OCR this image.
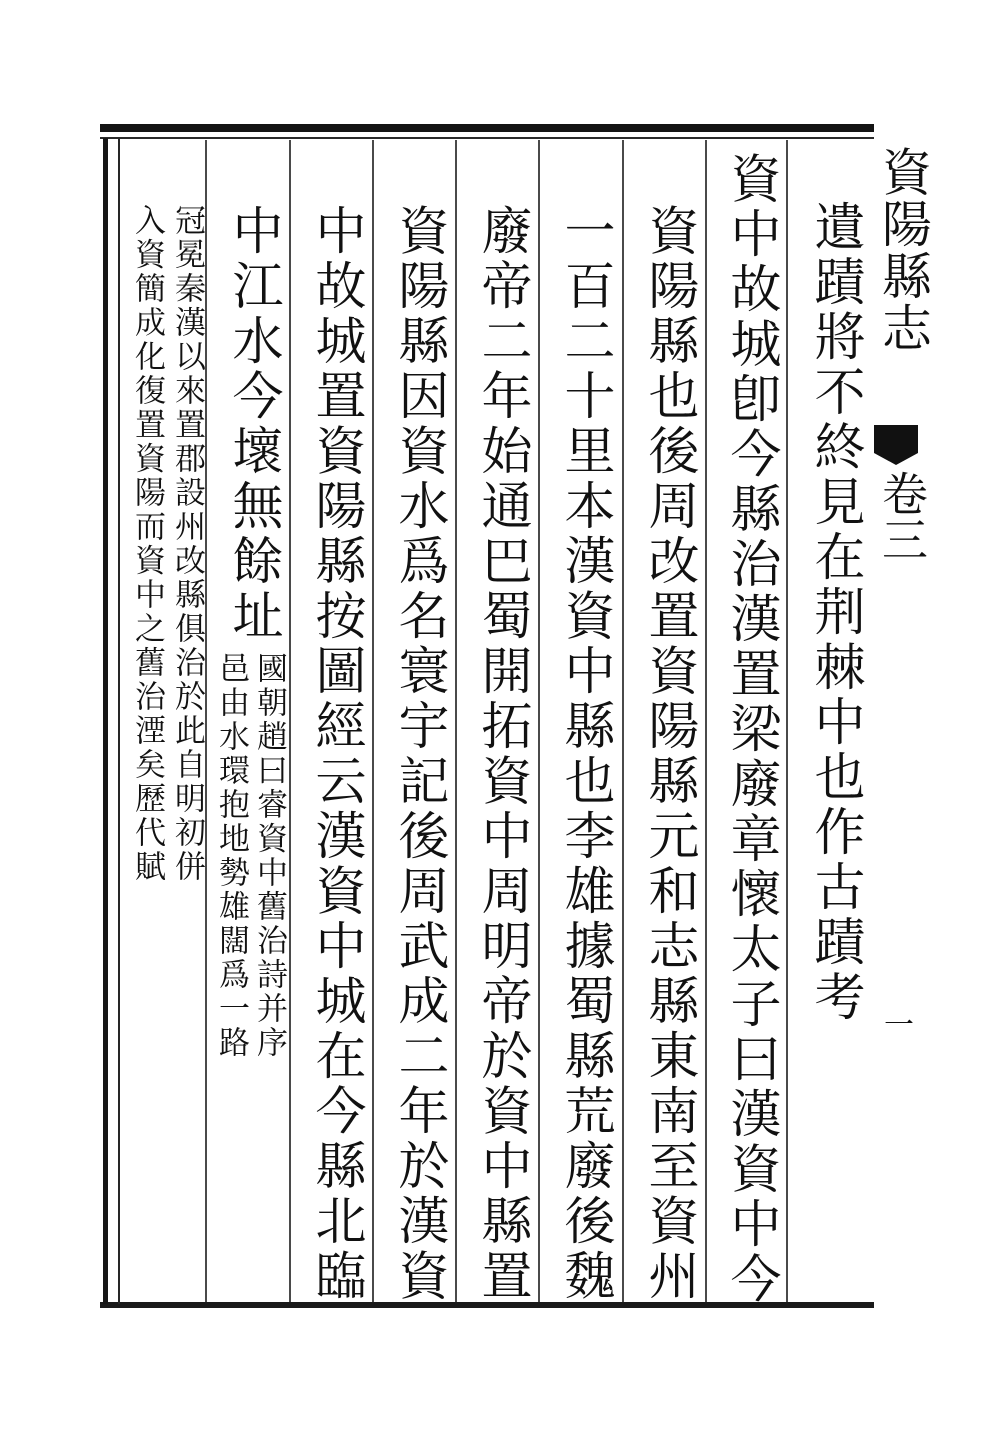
資陽縣志
卷三
一
遺蹟將不終見在荆棘中也作古蹟考
資中故城卽今縣治漢置梁廢章懷太子曰漢資中今
資陽縣也後周改置資陽縣元和志縣東南至資州
一百二十里本漢資中縣也李雄據蜀縣荒廢後魏
廢帝二年始通巴蜀開拓資中周明帝於資中縣置
資陽縣因資水爲名寰宇記後周武成二年於漢資
中故城置資陽縣按圖經云漢資中城在今縣北臨
中江水今壞無餘址
國朝趙曰睿資中舊治詩并序
邑由水環抱地勢雄闊爲一路
冠冕秦漢以來置郡設州改縣俱治於此自明初併
入資簡成化復置資陽而資中之舊治湮矣歷代賦
